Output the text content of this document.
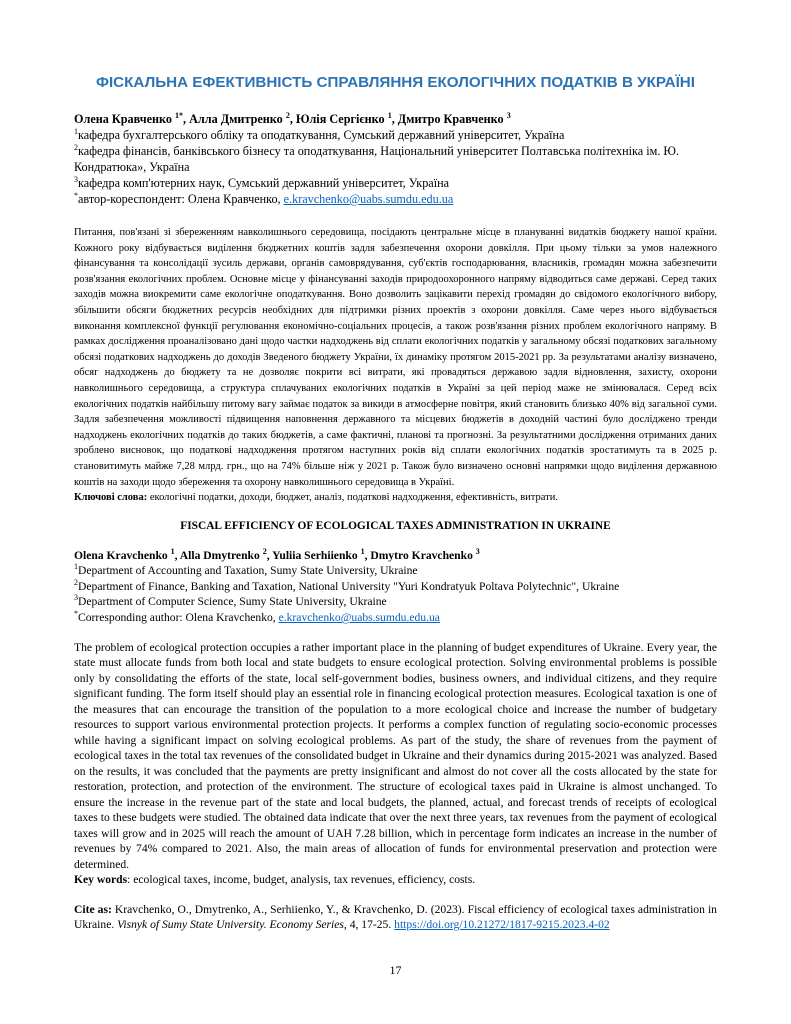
ФІСКАЛЬНА ЕФЕКТИВНІСТЬ СПРАВЛЯННЯ ЕКОЛОГІЧНИХ ПОДАТКІВ В УКРАЇНІ

Олена Кравченко $^{1*}$, Алла Дмитренко $^2$, Юлія Сергієнко $^1$, Дмитро Кравченко $^3$

$^1$кафедра бухгалтерського обліку та оподаткування, Сумський державний університет, Україна

$^2$кафедра фінансів, банківського бізнесу та оподаткування, Національний університет Полтавська політехніка ім. Ю. Кондратюка», Україна

$^3$кафедра комп'ютерних наук, Сумський державний університет, Україна

*автор-кореспондент: Олена Кравченко, e.kravchenko@uabs.sumdu.edu.ua

Питання, пов'язані зі збереженням навколишнього середовища, посідають центральне місце в плануванні видатків бюджету нашої країни. Кожного року відбувається виділення бюджетних коштів задля забезпечення охорони довкілля. При цьому тільки за умов належного фінансування та консолідації зусиль держави, органів самоврядування, суб'єктів господарювання, власників, громадян можна забезпечити розв'язання екологічних проблем. Основне місце у фінансуванні заходів природоохоронного напряму відводиться саме державі. Серед таких заходів можна виокремити саме екологічне оподаткування. Воно дозволить зацікавити перехід громадян до свідомого екологічного вибору, збільшити обсяги бюджетних ресурсів необхідних для підтримки різних проектів з охорони довкілля. Саме через нього відбувається виконання комплексної функції регулювання економічно-соціальних процесів, а також розв'язання різних проблем екологічного напряму. В рамках дослідження проаналізовано дані щодо частки надходжень від сплати екологічних податків у загальному обсязі податкових загальному обсязі податкових надходжень до доходів Зведеного бюджету України, їх динаміку протягом 2015-2021 рр. За результатами аналізу визначено, обсяг надходжень до бюджету та не дозволяє покрити всі витрати, які провадяться державою задля відновлення, захисту, охорони навколишнього середовища, а структура сплачуваних екологічних податків в Україні за цей період маже не змінювалася. Серед всіх екологічних податків найбільшу питому вагу займає податок за викиди в атмосферне повітря, який становить близько 40% від загальної суми. Задля забезпечення можливості підвищення наповнення державного та місцевих бюджетів в доходній частині було досліджено тренди надходжень екологічних податків до таких бюджетів, а саме фактичні, планові та прогнозні. За результатними дослідження отриманих даних зроблено висновок, що податкові надходження протягом наступних років від сплати екологічних податків зростатимуть та в 2025 р. становитимуть майже 7,28 млрд. грн., що на 74% більше ніж у 2021 р. Також було визначено основні напрямки щодо виділення державною коштів на заходи щодо збереження та охорону навколишнього середовища в Україні.

Ключові слова: екологічні податки, доходи, бюджет, аналіз, податкові надходження, ефективність, витрати.

FISCAL EFFICIENCY OF ECOLOGICAL TAXES ADMINISTRATION IN UKRAINE

Olena Kravchenko $^1$, Alla Dmytrenko $^2$, Yuliia Serhiienko $^1$, Dmytro Kravchenko $^3$

$^1$Department of Accounting and Taxation, Sumy State University, Ukraine

$^2$Department of Finance, Banking and Taxation, National University "Yuri Kondratyuk Poltava Polytechnic", Ukraine

$^3$Department of Computer Science, Sumy State University, Ukraine

*Corresponding author: Olena Kravchenko, e.kravchenko@uabs.sumdu.edu.ua

The problem of ecological protection occupies a rather important place in the planning of budget expenditures of Ukraine. Every year, the state must allocate funds from both local and state budgets to ensure ecological protection. Solving environmental problems is possible only by consolidating the efforts of the state, local self-government bodies, business owners, and individual citizens, and they require significant funding. The form itself should play an essential role in financing ecological protection measures. Ecological taxation is one of the measures that can encourage the transition of the population to a more ecological choice and increase the number of budgetary resources to support various environmental protection projects. It performs a complex function of regulating socio-economic processes while having a significant impact on solving ecological problems. As part of the study, the share of revenues from the payment of ecological taxes in the total tax revenues of the consolidated budget in Ukraine and their dynamics during 2015-2021 was analyzed. Based on the results, it was concluded that the payments are pretty insignificant and almost do not cover all the costs allocated by the state for restoration, protection, and protection of the environment. The structure of ecological taxes paid in Ukraine is almost unchanged. To ensure the increase in the revenue part of the state and local budgets, the planned, actual, and forecast trends of receipts of ecological taxes to these budgets were studied. The obtained data indicate that over the next three years, tax revenues from the payment of ecological taxes will grow and in 2025 will reach the amount of UAH 7.28 billion, which in percentage form indicates an increase in the number of revenues by 74% compared to 2021. Also, the main areas of allocation of funds for environmental preservation and protection were determined.

Key words: ecological taxes, income, budget, analysis, tax revenues, efficiency, costs.

Cite as: Kravchenko, O., Dmytrenko, A., Serhiienko, Y., & Kravchenko, D. (2023). Fiscal efficiency of ecological taxes administration in Ukraine. Visnyk of Sumy State University. Economy Series, 4, 17-25. https://doi.org/10.21272/1817-9215.2023.4-02

17
